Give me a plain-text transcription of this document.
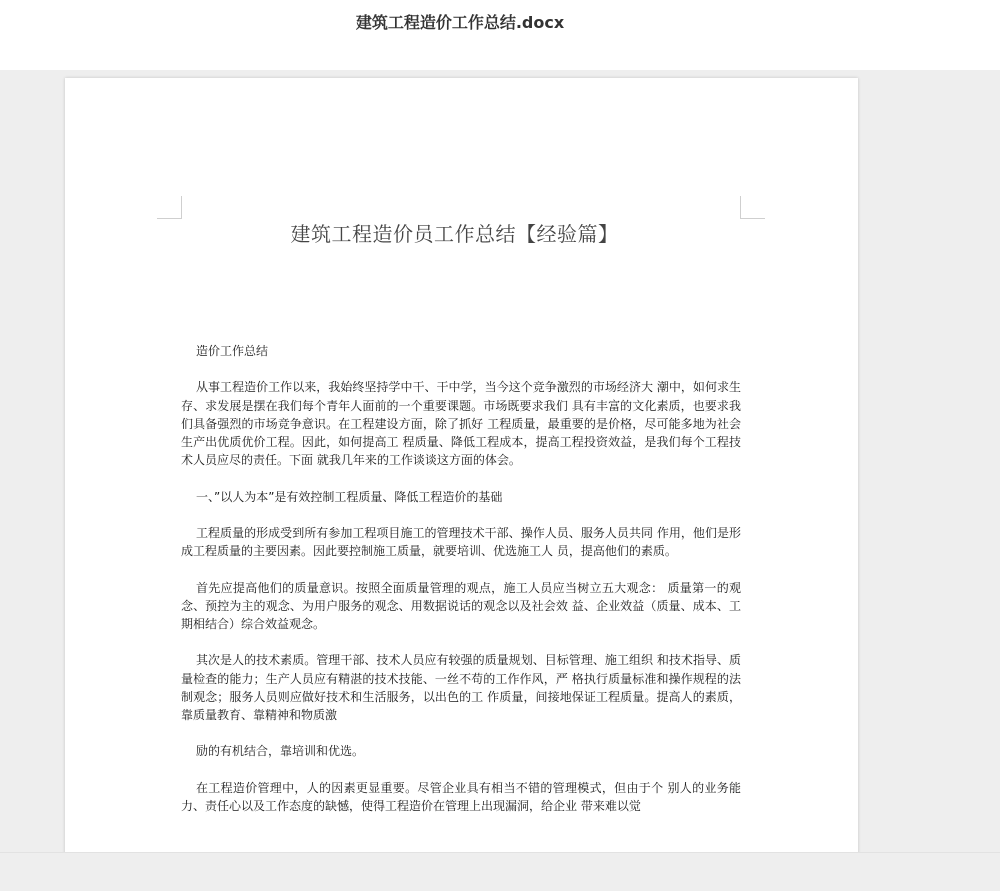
建筑工程造价工作总结.docx
建筑工程造价员工作总结【经验篇】

造价工作总结

从事工程造价工作以来，我始终坚持学中干、干中学，当今这个竞争激烈的市场经济大 潮中，如何求生存、求发展是摆在我们每个青年人面前的一个重要课题。市场既要求我们 具有丰富的文化素质，也要求我们具备强烈的市场竞争意识。在工程建设方面，除了抓好 工程质量，最重要的是价格，尽可能多地为社会生产出优质优价工程。因此，如何提高工 程质量、降低工程成本，提高工程投资效益，是我们每个工程技术人员应尽的责任。下面 就我几年来的工作谈谈这方面的体会。

一、”以人为本”是有效控制工程质量、降低工程造价的基础

工程质量的形成受到所有参加工程项目施工的管理技术干部、操作人员、服务人员共同 作用，他们是形成工程质量的主要因素。因此要控制施工质量，就要培训、优选施工人 员，提高他们的素质。

首先应提高他们的质量意识。按照全面质量管理的观点，施工人员应当树立五大观念： 质量第一的观念、预控为主的观念、为用户服务的观念、用数据说话的观念以及社会效 益、企业效益（质量、成本、工期相结合）综合效益观念。

其次是人的技术素质。管理干部、技术人员应有较强的质量规划、目标管理、施工组织 和技术指导、质量检查的能力；生产人员应有精湛的技术技能、一丝不苟的工作作风，严 格执行质量标准和操作规程的法制观念；服务人员则应做好技术和生活服务，以出色的工 作质量，间接地保证工程质量。提高人的素质，靠质量教育、靠精神和物质激

励的有机结合，靠培训和优选。

在工程造价管理中，人的因素更显重要。尽管企业具有相当不错的管理模式，但由于个 别人的业务能力、责任心以及工作态度的缺憾，使得工程造价在管理上出现漏洞，给企业 带来难以觉
